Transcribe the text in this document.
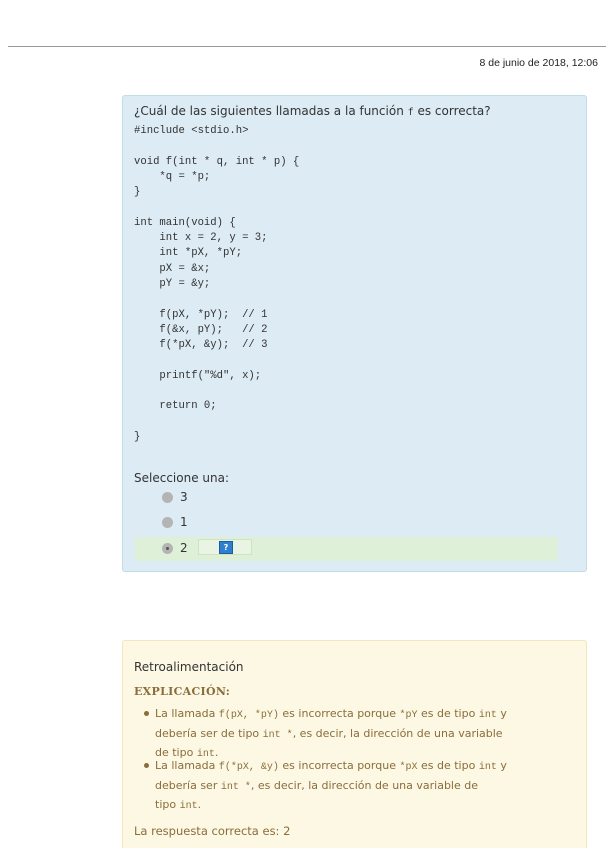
8 de junio de 2018, 12:06
¿Cuál de las siguientes llamadas a la función f es correcta?
#include <stdio.h>

void f(int * q, int * p) {
*q = *p;
}

int main(void) {
int x = 2, y = 3;
int *pX, *pY;
pX = &x;
pY = &y;

f(pX, *pY);  // 1
f(&x, pY);   // 2
f(*pX, &y);  // 3

printf("%d", x);

return 0;

}
Seleccione una:
3
1
2	?
Retroalimentación
EXPLICACIÓN:
La llamada f(pX, *pY) es incorrecta porque *pY es de tipo int y
debería ser de tipo int *, es decir, la dirección de una variable
de tipo int.
La llamada f(*pX, &y) es incorrecta porque *pX es de tipo int y
debería ser int *, es decir, la dirección de una variable de
tipo int.
La respuesta correcta es: 2
